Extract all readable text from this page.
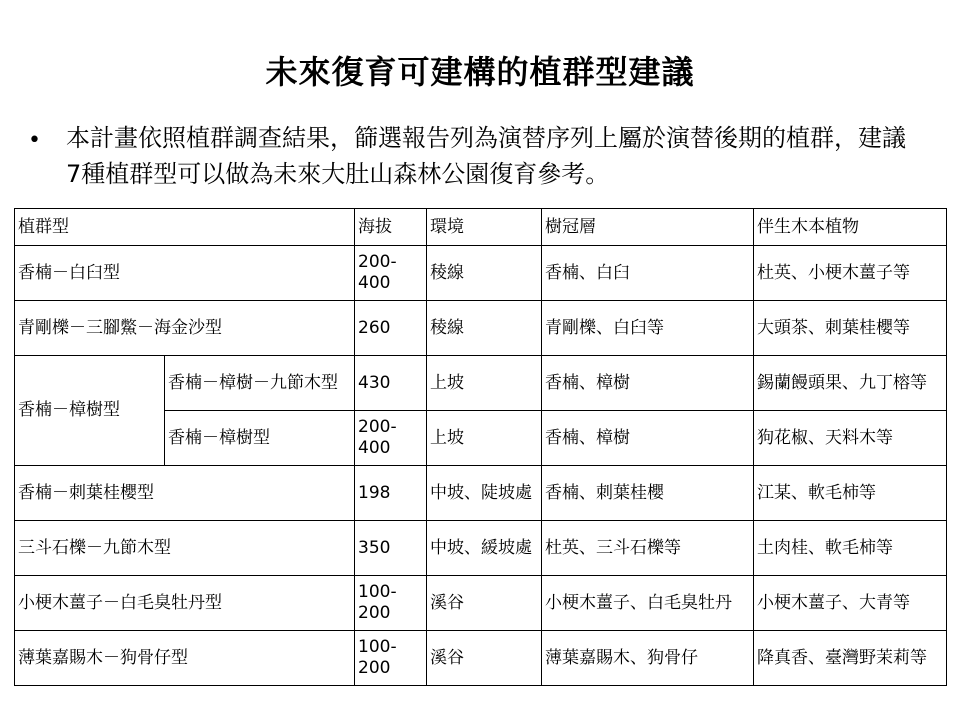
未來復育可建構的植群型建議
• 本計畫依照植群調查結果，篩選報告列為演替序列上屬於演替後期的植群，建議7種植群型可以做為未來大肚山森林公園復育參考。
植群型		海拔	環境	樹冠層	伴生木本植物
香楠－白臼型		200-400	稜線	香楠、白臼	杜英、小梗木薑子等
青剛櫟－三腳鱉－海金沙型		260	稜線	青剛櫟、白臼等	大頭茶、刺葉桂櫻等
香楠－樟樹型	香楠－樟樹－九節木型	430	上坡	香楠、樟樹	錫蘭饅頭果、九丁榕等
	香楠－樟樹型	200-400	上坡	香楠、樟樹	狗花椒、天料木等
香楠－刺葉桂櫻型		198	中坡、陡坡處	香楠、刺葉桂櫻	江某、軟毛柿等
三斗石櫟－九節木型		350	中坡、緩坡處	杜英、三斗石櫟等	土肉桂、軟毛柿等
小梗木薑子－白毛臭牡丹型		100-200	溪谷	小梗木薑子、白毛臭牡丹	小梗木薑子、大青等
薄葉嘉賜木－狗骨仔型		100-200	溪谷	薄葉嘉賜木、狗骨仔	降真香、臺灣野茉莉等
